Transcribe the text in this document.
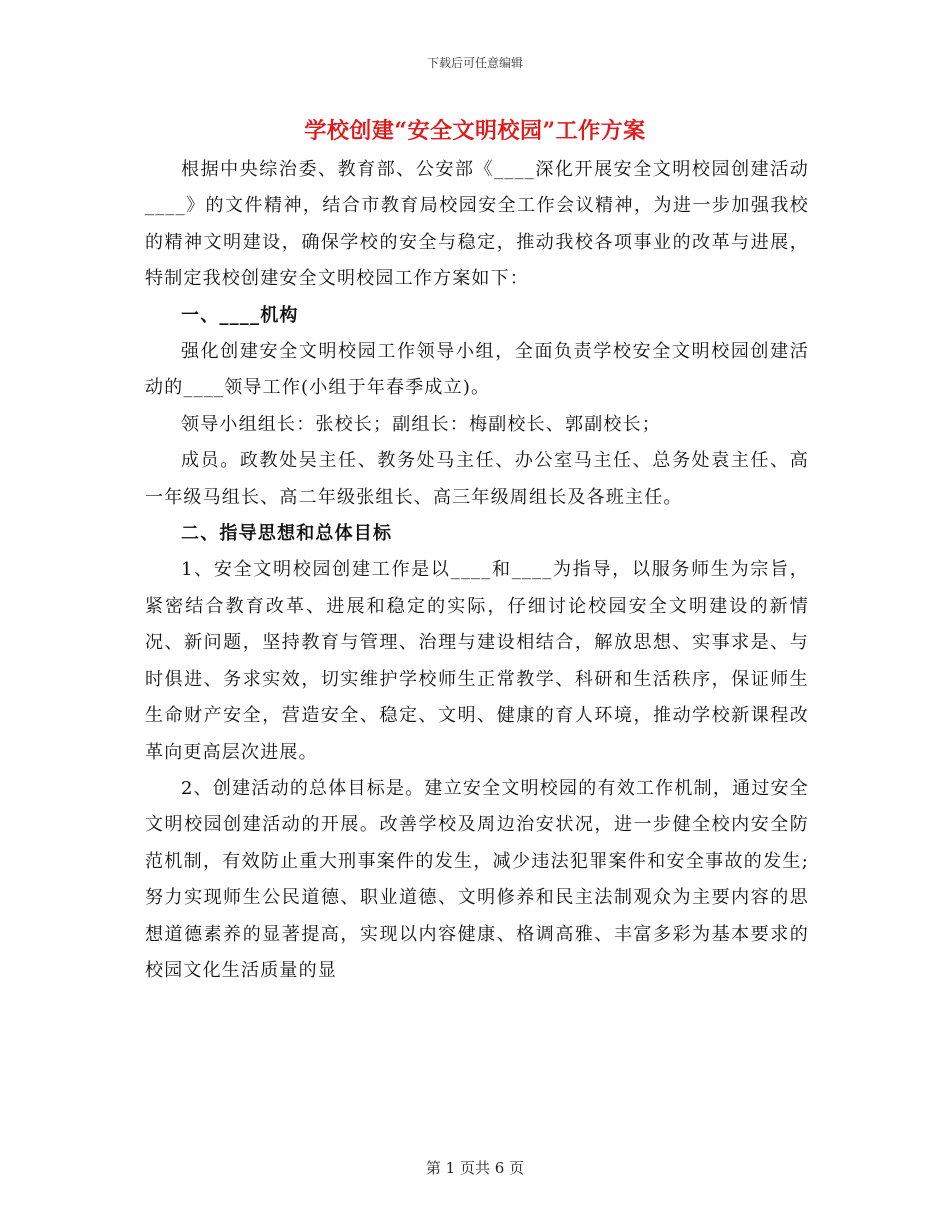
下载后可任意编辑
学校创建“安全文明校园”工作方案

根据中央综治委、教育部、公安部《____深化开展安全文明校园创建活动____》的文件精神，结合市教育局校园安全工作会议精神，为进一步加强我校的精神文明建设，确保学校的安全与稳定，推动我校各项事业的改革与进展，特制定我校创建安全文明校园工作方案如下：

一、____机构

强化创建安全文明校园工作领导小组，全面负责学校安全文明校园创建活动的____领导工作(小组于年春季成立)。

领导小组组长：张校长；副组长：梅副校长、郭副校长；

成员。政教处吴主任、教务处马主任、办公室马主任、总务处袁主任、高一年级马组长、高二年级张组长、高三年级周组长及各班主任。

二、指导思想和总体目标

1、安全文明校园创建工作是以____和____为指导，以服务师生为宗旨，紧密结合教育改革、进展和稳定的实际，仔细讨论校园安全文明建设的新情况、新问题，坚持教育与管理、治理与建设相结合，解放思想、实事求是、与时俱进、务求实效，切实维护学校师生正常教学、科研和生活秩序，保证师生生命财产安全，营造安全、稳定、文明、健康的育人环境，推动学校新课程改革向更高层次进展。

2、创建活动的总体目标是。建立安全文明校园的有效工作机制，通过安全文明校园创建活动的开展。改善学校及周边治安状况，进一步健全校内安全防范机制，有效防止重大刑事案件的发生，减少违法犯罪案件和安全事故的发生;努力实现师生公民道德、职业道德、文明修养和民主法制观众为主要内容的思想道德素养的显著提高，实现以内容健康、格调高雅、丰富多彩为基本要求的校园文化生活质量的显

第 1 页共 6 页
